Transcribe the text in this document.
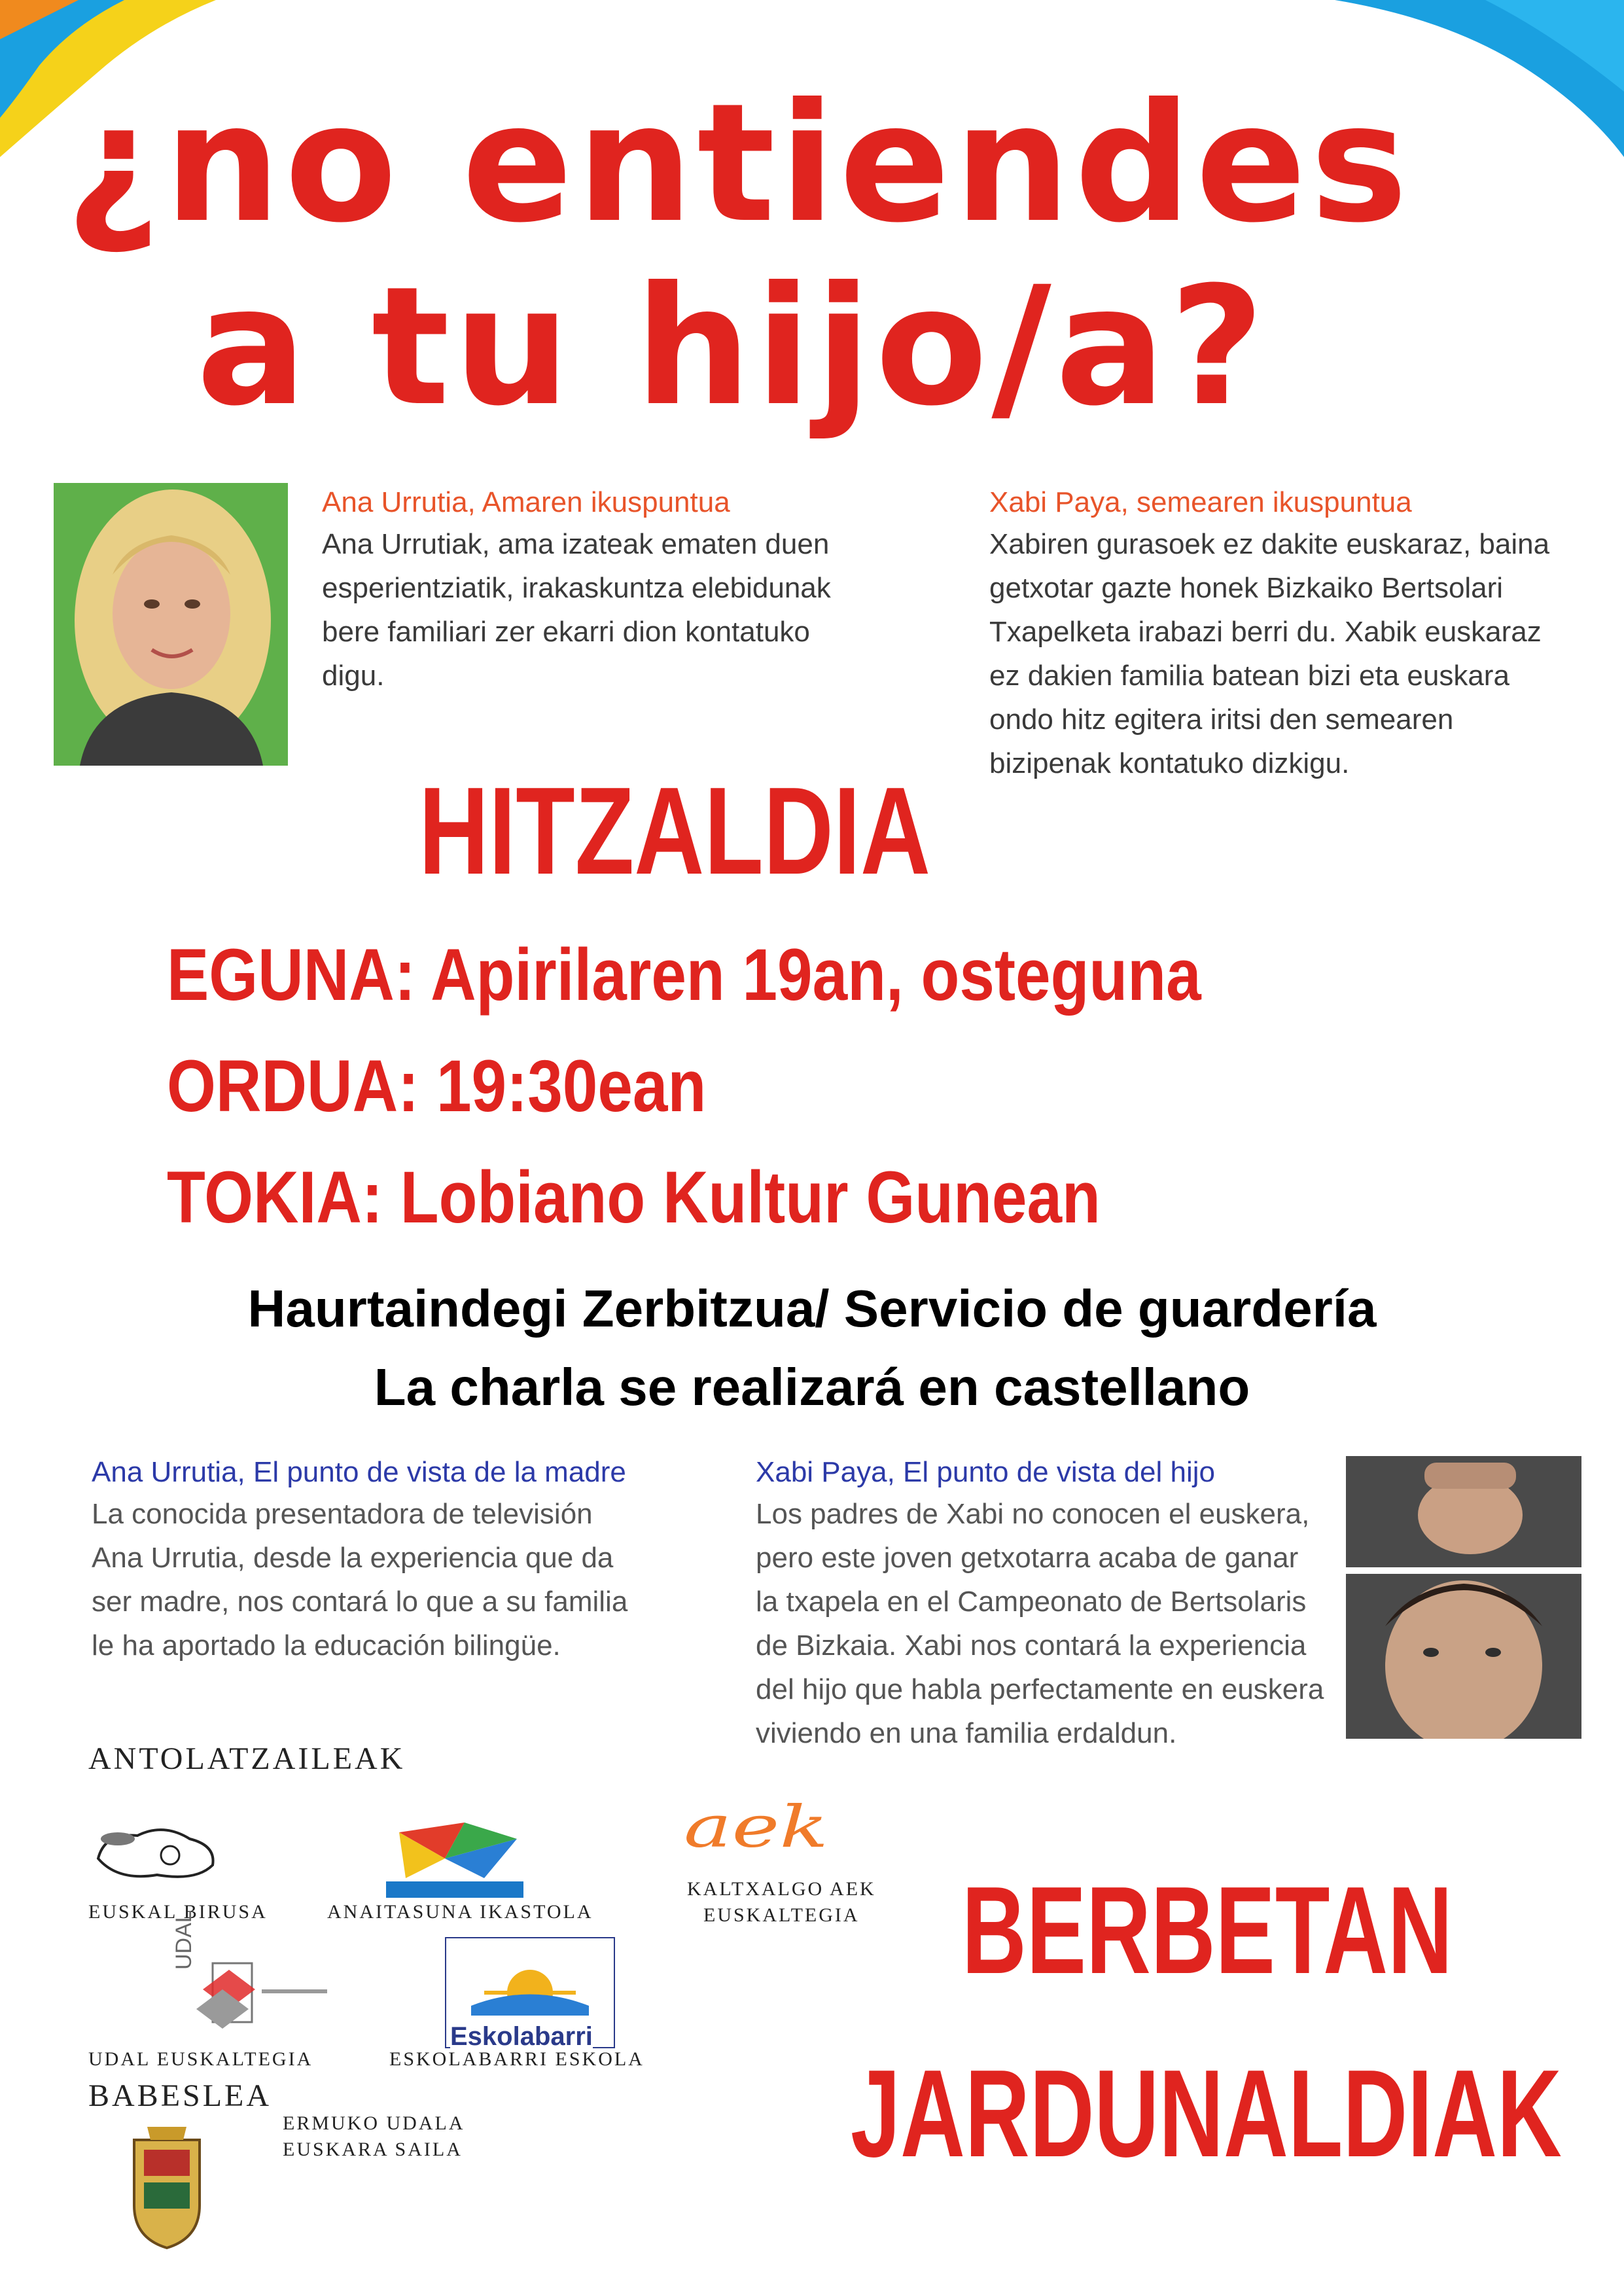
¿no entiendes
a tu hijo/a?
Ana Urrutia, Amaren ikuspuntua
Ana Urrutiak, ama izateak ematen duen
esperientziatik, irakaskuntza elebidunak
bere familiari zer ekarri dion kontatuko
digu.
Xabi Paya, semearen ikuspuntua
Xabiren gurasoek ez dakite euskaraz, baina
getxotar gazte honek Bizkaiko Bertsolari
Txapelketa irabazi berri du. Xabik euskaraz
ez dakien familia batean bizi eta euskara
ondo hitz egitera iritsi den semearen
bizipenak kontatuko dizkigu.
HITZALDIA
EGUNA: Apirilaren 19an, osteguna
ORDUA: 19:30ean
TOKIA: Lobiano Kultur Gunean
Haurtaindegi Zerbitzua/ Servicio de guardería
La charla se realizará en castellano
Ana Urrutia, El punto de vista de la madre
La conocida presentadora de televisión
Ana Urrutia, desde la experiencia que da
ser madre, nos contará lo que a su familia
le ha aportado la educación bilingüe.
Xabi Paya, El punto de vista del hijo
Los padres de Xabi no conocen el euskera,
pero este joven getxotarra acaba de ganar
la txapela en el Campeonato de Bertsolaris
de Bizkaia. Xabi nos contará la experiencia
del hijo que habla perfectamente en euskera
viviendo en una familia erdaldun.
ANTOLATZAILEAK
EUSKAL BIRUSA	ANAITASUNA IKASTOLA
aek
KALTXALGO AEK
EUSKALTEGIA
UDAL
UDAL EUSKALTEGIA
Eskolabarri
ESKOLABARRI ESKOLA
BABESLEA
ERMUKO UDALA
EUSKARA SAILA
BERBETAN
JARDUNALDIAK
